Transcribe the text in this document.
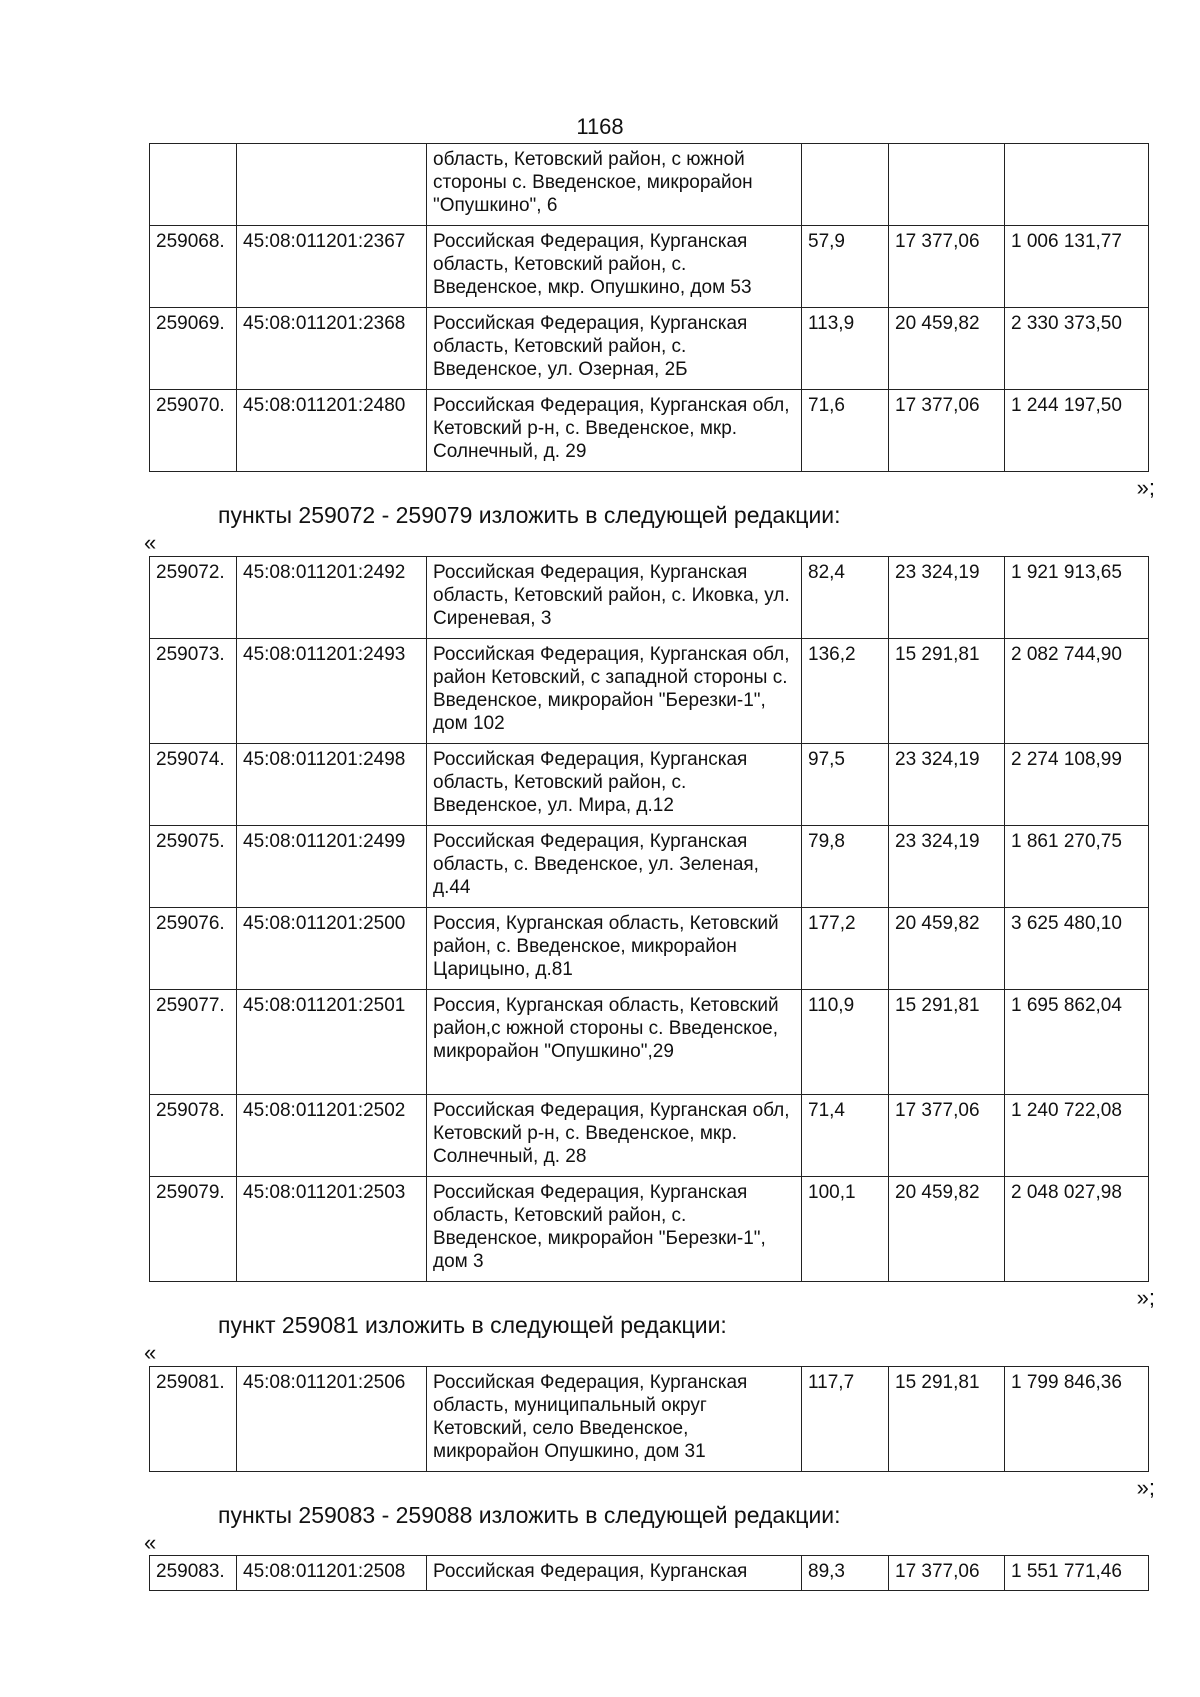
1168
		область, Кетовский район, с южной стороны с. Введенское, микрорайон "Опушкино", 6			
259068.	45:08:011201:2367	Российская Федерация, Курганская область, Кетовский район, с. Введенское, мкр. Опушкино, дом 53	57,9	17 377,06	1 006 131,77
259069.	45:08:011201:2368	Российская Федерация, Курганская область, Кетовский район, с. Введенское, ул. Озерная, 2Б	113,9	20 459,82	2 330 373,50
259070.	45:08:011201:2480	Российская Федерация, Курганская обл, Кетовский р-н, с. Введенское, мкр. Солнечный, д. 29	71,6	17 377,06	1 244 197,50
»;
пункты 259072 - 259079 изложить в следующей редакции:
«
259072.	45:08:011201:2492	Российская Федерация, Курганская область, Кетовский район, с. Иковка, ул. Сиреневая, 3	82,4	23 324,19	1 921 913,65
259073.	45:08:011201:2493	Российская Федерация, Курганская обл, район Кетовский, с западной стороны с. Введенское, микрорайон "Березки-1", дом 102	136,2	15 291,81	2 082 744,90
259074.	45:08:011201:2498	Российская Федерация, Курганская область, Кетовский район, с. Введенское, ул. Мира, д.12	97,5	23 324,19	2 274 108,99
259075.	45:08:011201:2499	Российская Федерация, Курганская область, с. Введенское, ул. Зеленая, д.44	79,8	23 324,19	1 861 270,75
259076.	45:08:011201:2500	Россия, Курганская область, Кетовский район, с. Введенское, микрорайон Царицыно, д.81	177,2	20 459,82	3 625 480,10
259077.	45:08:011201:2501	Россия, Курганская область, Кетовский район,с южной стороны с. Введенское, микрорайон "Опушкино",29	110,9	15 291,81	1 695 862,04
259078.	45:08:011201:2502	Российская Федерация, Курганская обл, Кетовский р-н, с. Введенское, мкр. Солнечный, д. 28	71,4	17 377,06	1 240 722,08
259079.	45:08:011201:2503	Российская Федерация, Курганская область, Кетовский район, с. Введенское, микрорайон "Березки-1", дом 3	100,1	20 459,82	2 048 027,98
»;
пункт 259081 изложить в следующей редакции:
«
259081.	45:08:011201:2506	Российская Федерация, Курганская область, муниципальный округ Кетовский, село Введенское, микрорайон Опушкино, дом 31	117,7	15 291,81	1 799 846,36
»;
пункты 259083 - 259088 изложить в следующей редакции:
«
259083.	45:08:011201:2508	Российская Федерация, Курганская	89,3	17 377,06	1 551 771,46
